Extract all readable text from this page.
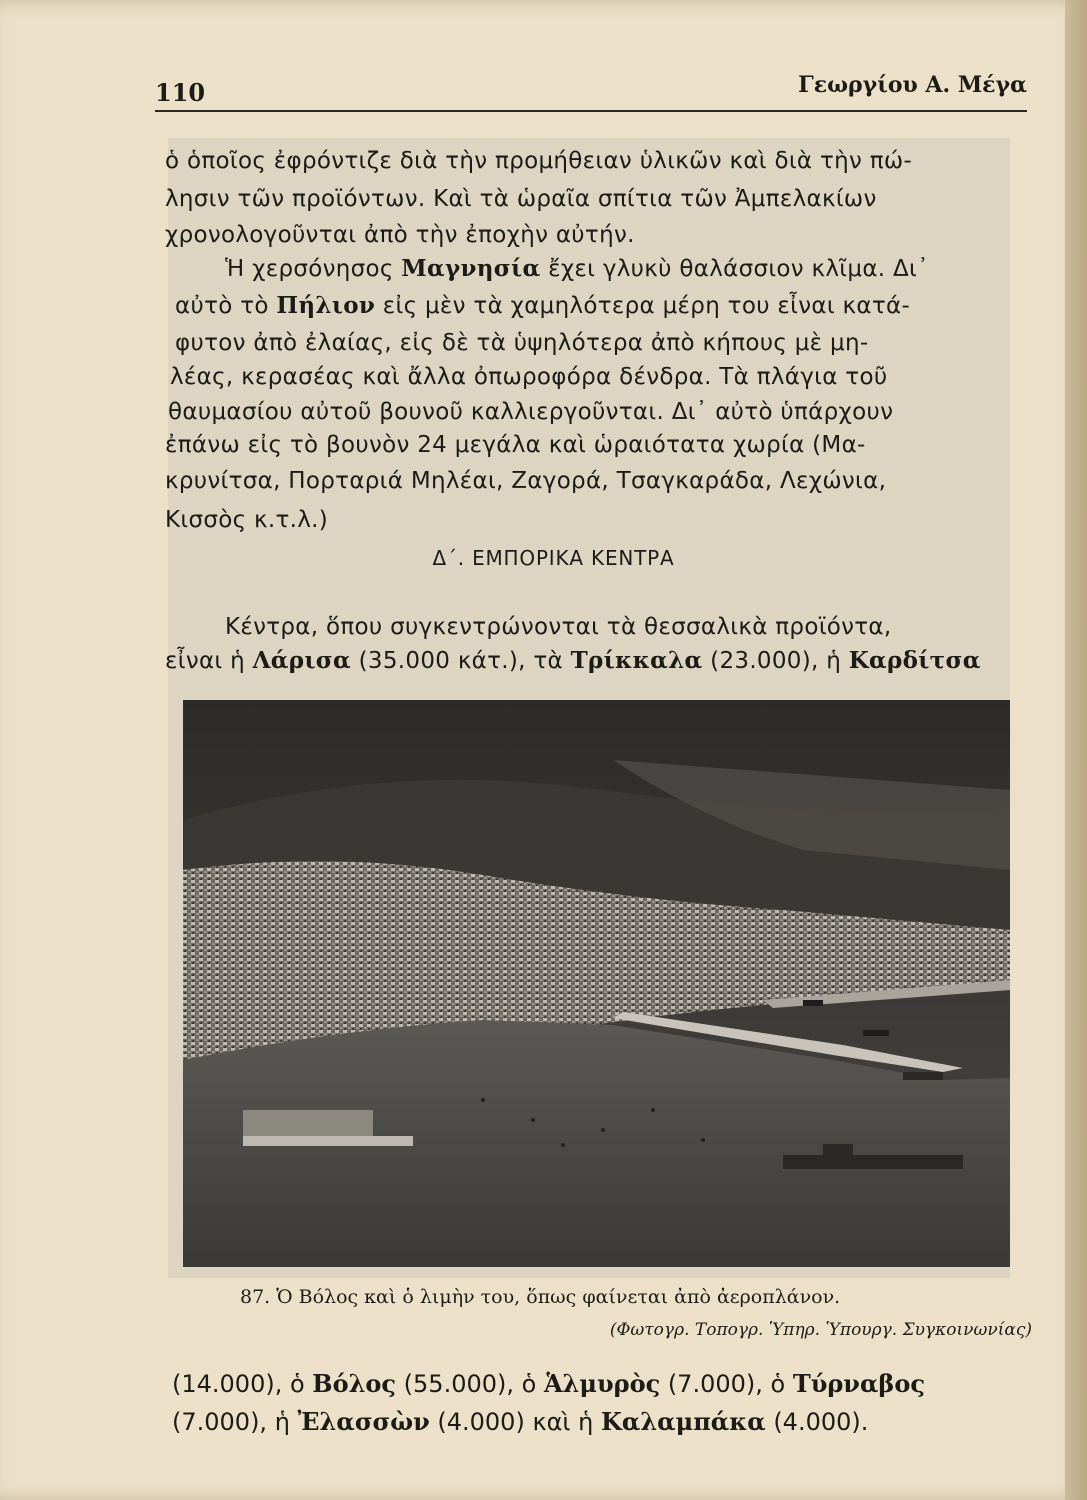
110	Γεωργίου Α. Μέγα
ὁ ὁποῖος ἐφρόντιζε διὰ τὴν προμήθειαν ὑλικῶν καὶ διὰ τὴν πώ-
λησιν τῶν προϊόντων. Καὶ τὰ ὡραῖα σπίτια τῶν Ἀμπελακίων
χρονολογοῦνται ἀπὸ τὴν ἐποχὴν αὐτήν.
Ἡ χερσόνησος Μαγνησία ἔχει γλυκὺ θαλάσσιον κλῖμα. Δι᾿
αὐτὸ τὸ Πήλιον εἰς μὲν τὰ χαμηλότερα μέρη του εἶναι κατά-
φυτον ἀπὸ ἐλαίας, εἰς δὲ τὰ ὑψηλότερα ἀπὸ κήπους μὲ μη-
λέας, κερασέας καὶ ἄλλα ὀπωροφόρα δένδρα. Τὰ πλάγια τοῦ
θαυμασίου αὐτοῦ βουνοῦ καλλιεργοῦνται. Δι᾿ αὐτὸ ὑπάρχουν
ἐπάνω εἰς τὸ βουνὸν 24 μεγάλα καὶ ὡραιότατα χωρία (Μα-
κρυνίτσα, Πορταριά Μηλέαι, Ζαγορά, Τσαγκαράδα, Λεχώνια,
Κισσὸς κ.τ.λ.)
Δ΄. ΕΜΠΟΡΙΚΑ ΚΕΝΤΡΑ
Κέντρα, ὅπου συγκεντρώνονται τὰ θεσσαλικὰ προϊόντα,
εἶναι ἡ Λάρισα (35.000 κάτ.), τὰ Τρίκκαλα (23.000), ἡ Καρδίτσα
87. Ὁ Βόλος καὶ ὁ λιμὴν του, ὅπως φαίνεται ἀπὸ ἀεροπλάνον.
(Φωτογρ. Τοπογρ. Ὑπηρ. Ὑπουργ. Συγκοινωνίας)
(14.000), ὁ Βόλος (55.000), ὁ Ἁλμυρὸς (7.000), ὁ Τύρναβος
(7.000), ἡ Ἐλασσὼν (4.000) καὶ ἡ Καλαμπάκα (4.000).
